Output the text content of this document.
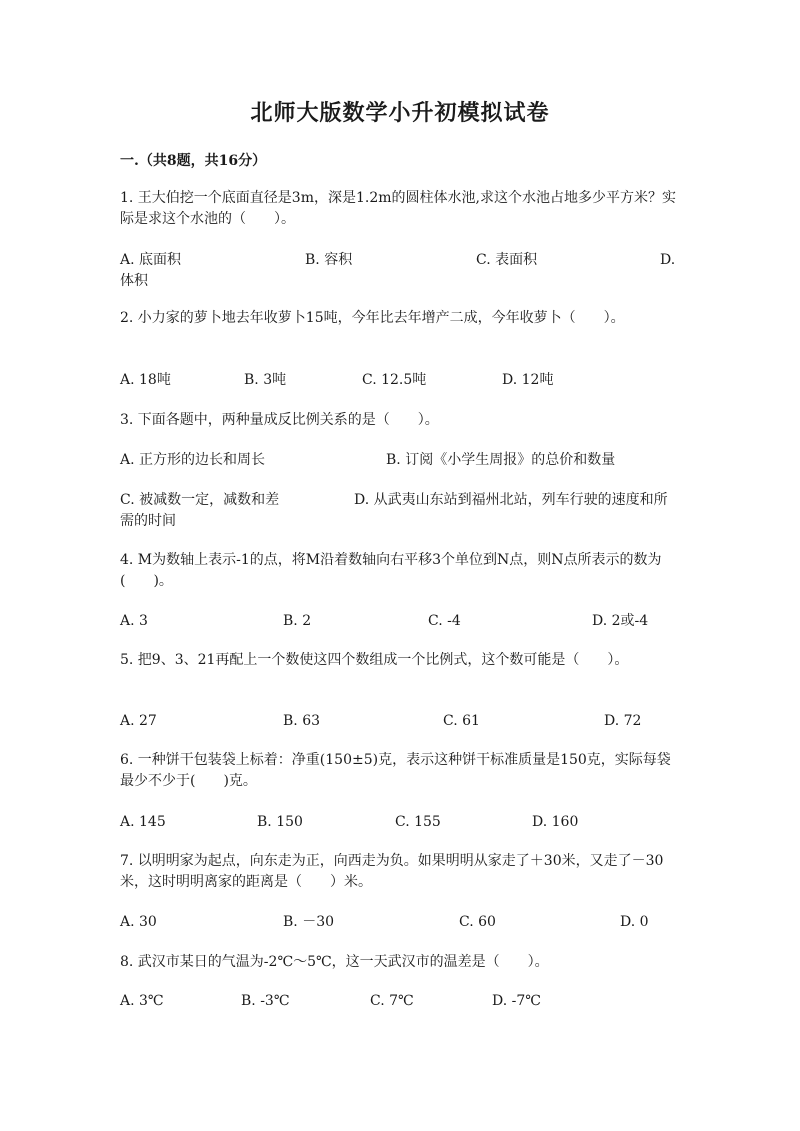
北师大版数学小升初模拟试卷
一.（共8题，共16分）
1. 王大伯挖一个底面直径是3m，深是1.2m的圆柱体水池,求这个水池占地多少平方米？实际是求这个水池的（　　）。
A. 底面积	B. 容积	C. 表面积	D.
体积
2. 小力家的萝卜地去年收萝卜15吨，今年比去年增产二成，今年收萝卜（　　）。
A. 18吨	B. 3吨	C. 12.5吨	D. 12吨
3. 下面各题中，两种量成反比例关系的是（　　）。
A. 正方形的边长和周长	B. 订阅《小学生周报》的总价和数量
C. 被减数一定，减数和差	D. 从武夷山东站到福州北站，列车行驶的速度和所需的时间
4. M为数轴上表示-1的点，将M沿着数轴向右平移3个单位到N点，则N点所表示的数为(　　)。
A. 3	B. 2	C. -4	D. 2或-4
5. 把9、3、21再配上一个数使这四个数组成一个比例式，这个数可能是（　　）。
A. 27	B. 63	C. 61	D. 72
6. 一种饼干包装袋上标着：净重(150±5)克，表示这种饼干标准质量是150克，实际每袋最少不少于(　　)克。
A. 145	B. 150	C. 155	D. 160
7. 以明明家为起点，向东走为正，向西走为负。如果明明从家走了＋30米，又走了－30米，这时明明离家的距离是（　　）米。
A. 30	B. －30	C. 60	D. 0
8. 武汉市某日的气温为-2℃～5℃，这一天武汉市的温差是（　　）。
A. 3℃	B. -3℃	C. 7℃	D. -7℃
